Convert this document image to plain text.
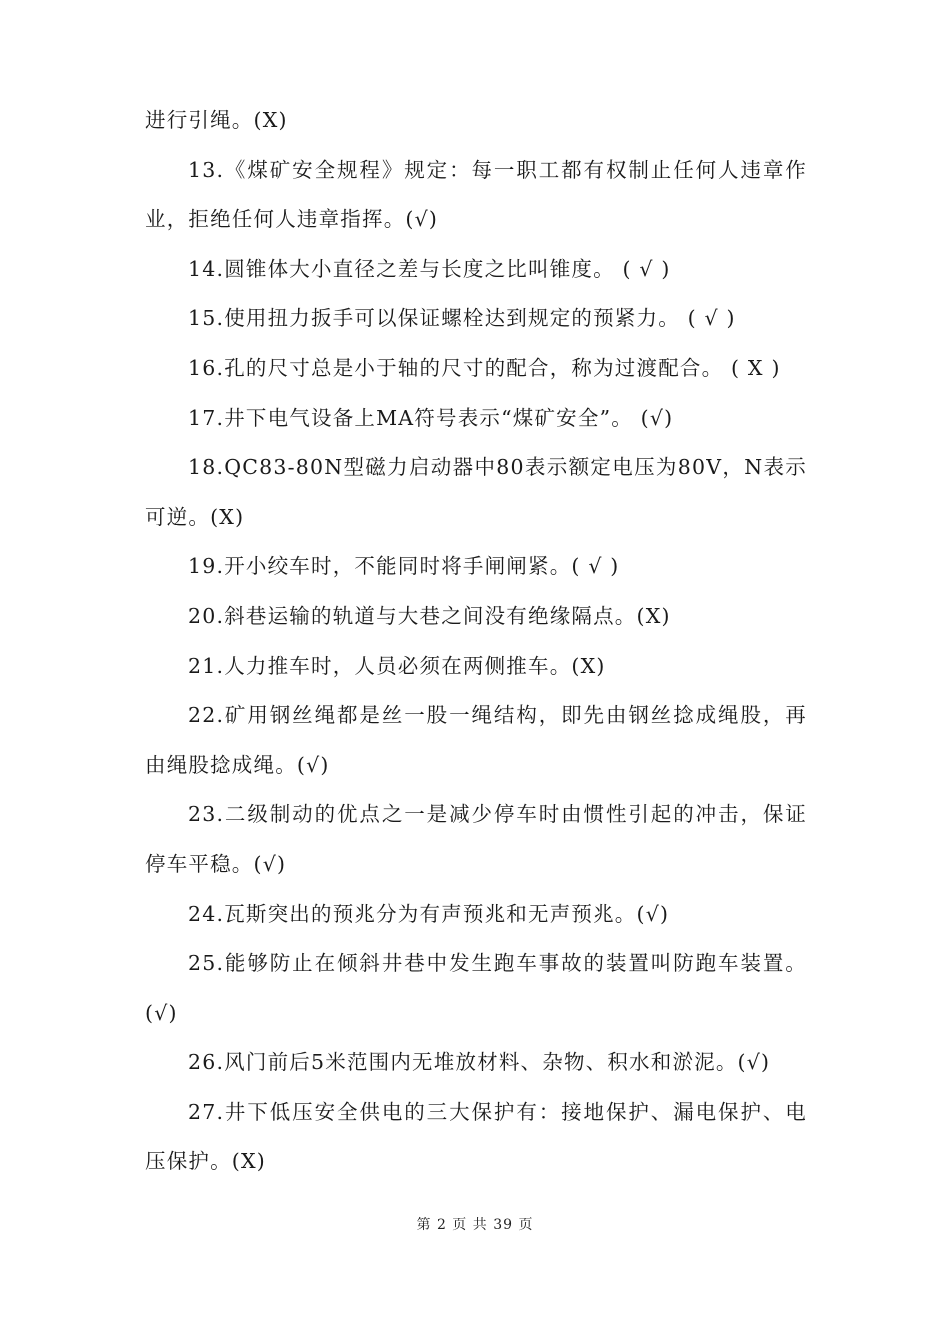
进行引绳。(X)

13.《煤矿安全规程》规定：每一职工都有权制止任何人违章作业，拒绝任何人违章指挥。(√)

14.圆锥体大小直径之差与长度之比叫锥度。 ( √ )

15.使用扭力扳手可以保证螺栓达到规定的预紧力。 ( √ )

16.孔的尺寸总是小于轴的尺寸的配合，称为过渡配合。 ( X )

17.井下电气设备上MA符号表示“煤矿安全”。 (√)

18.QC83-80N型磁力启动器中80表示额定电压为80V，N表示可逆。(X)

19.开小绞车时，不能同时将手闸闸紧。( √ )

20.斜巷运输的轨道与大巷之间没有绝缘隔点。(X)

21.人力推车时，人员必须在两侧推车。(X)

22.矿用钢丝绳都是丝一股一绳结构，即先由钢丝捻成绳股，再由绳股捻成绳。(√)

23.二级制动的优点之一是减少停车时由惯性引起的冲击，保证停车平稳。(√)

24.瓦斯突出的预兆分为有声预兆和无声预兆。(√)

25.能够防止在倾斜井巷中发生跑车事故的装置叫防跑车装置。(√)

26.风门前后5米范围内无堆放材料、杂物、积水和淤泥。(√)

27.井下低压安全供电的三大保护有：接地保护、漏电保护、电压保护。(X)

第 2 页 共 39 页
